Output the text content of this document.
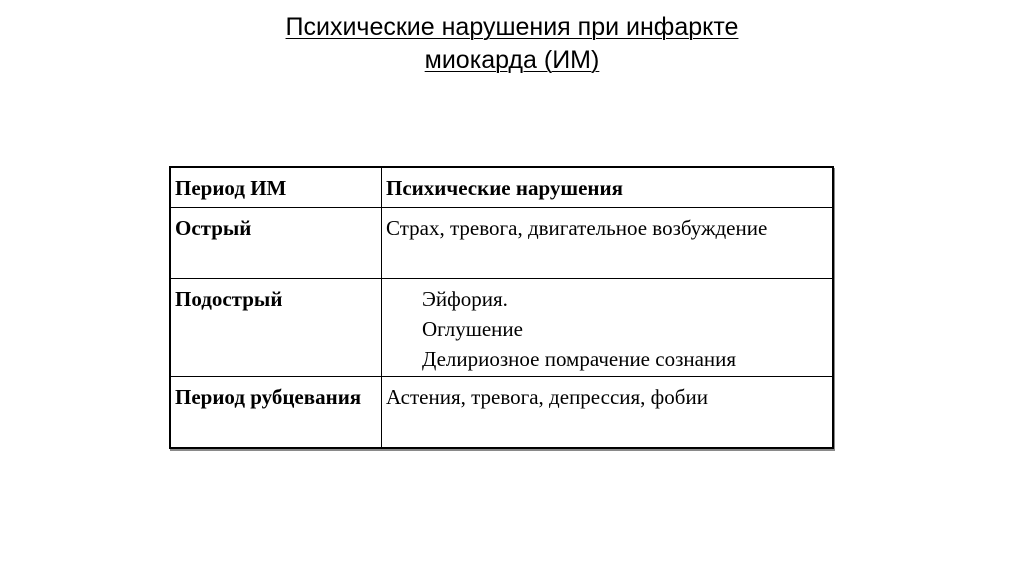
Психические нарушения при инфаркте
миокарда (ИМ)
Период ИМ	Психические нарушения
Острый	Страх, тревога, двигательное возбуждение
Подострый	Эйфория.
Оглушение
Делириозное помрачение сознания

Период рубцевания	Астения, тревога, депрессия, фобии
